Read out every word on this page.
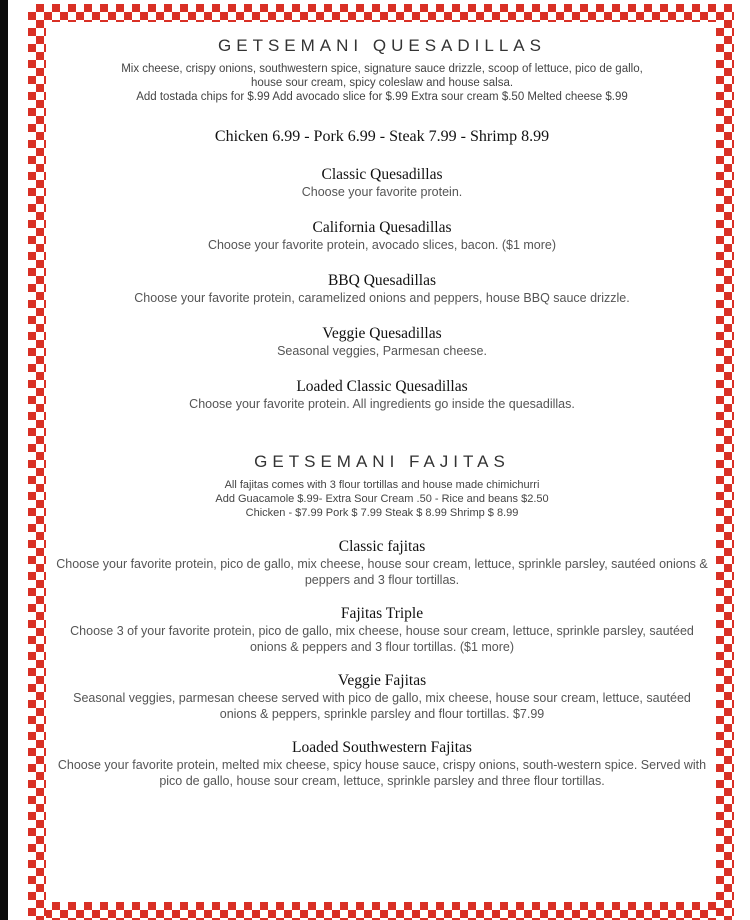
GETSEMANI QUESADILLAS

Mix cheese, crispy onions, southwestern spice, signature sauce drizzle, scoop of lettuce, pico de gallo,
house sour cream, spicy coleslaw and house salsa.
Add tostada chips for $.99 Add avocado slice for $.99 Extra sour cream $.50 Melted cheese $.99

Chicken 6.99 - Pork 6.99 - Steak 7.99 - Shrimp 8.99
Classic Quesadillas
Choose your favorite protein.
California Quesadillas
Choose your favorite protein, avocado slices, bacon. ($1 more)
BBQ Quesadillas
Choose your favorite protein, caramelized onions and peppers, house BBQ sauce drizzle.
Veggie Quesadillas
Seasonal veggies, Parmesan cheese.
Loaded Classic Quesadillas
Choose your favorite protein. All ingredients go inside the quesadillas.
GETSEMANI FAJITAS

All fajitas comes with 3 flour tortillas and house made chimichurri
Add Guacamole $.99- Extra Sour Cream .50 - Rice and beans $2.50
Chicken - $7.99 Pork $ 7.99 Steak $ 8.99 Shrimp $ 8.99

Classic fajitas
Choose your favorite protein, pico de gallo, mix cheese, house sour cream, lettuce, sprinkle parsley, sautéed onions & peppers and 3 flour tortillas.
Fajitas Triple
Choose 3 of your favorite protein, pico de gallo, mix cheese, house sour cream, lettuce, sprinkle parsley, sautéed onions & peppers and 3 flour tortillas. ($1 more)
Veggie Fajitas
Seasonal veggies, parmesan cheese served with pico de gallo, mix cheese, house sour cream, lettuce, sautéed onions & peppers, sprinkle parsley and flour tortillas. $7.99
Loaded Southwestern Fajitas
Choose your favorite protein, melted mix cheese, spicy house sauce, crispy onions, south-western spice. Served with pico de gallo, house sour cream, lettuce, sprinkle parsley and three flour tortillas.
